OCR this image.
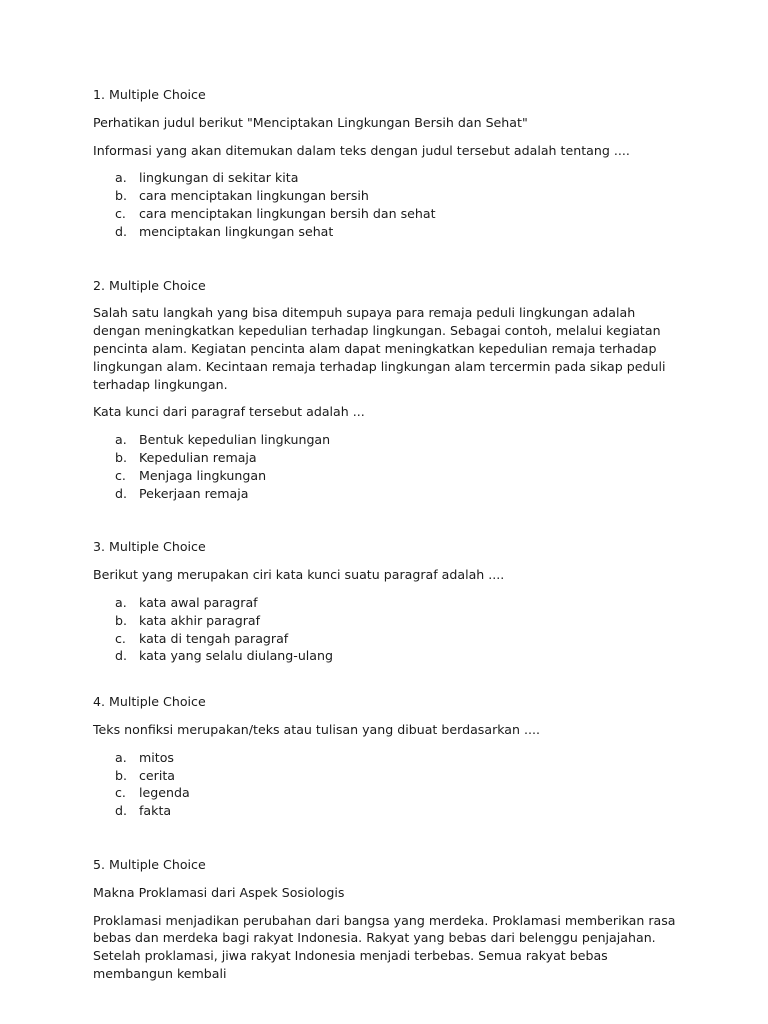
1. Multiple Choice

Perhatikan judul berikut "Menciptakan Lingkungan Bersih dan Sehat"

Informasi yang akan ditemukan dalam teks dengan judul tersebut adalah tentang ....

a. lingkungan di sekitar kita
b. cara menciptakan lingkungan bersih
c. cara menciptakan lingkungan bersih dan sehat
d. menciptakan lingkungan sehat

2. Multiple Choice

Salah satu langkah yang bisa ditempuh supaya para remaja peduli lingkungan adalah dengan meningkatkan kepedulian terhadap lingkungan. Sebagai contoh, melalui kegiatan pencinta alam. Kegiatan pencinta alam dapat meningkatkan kepedulian remaja terhadap lingkungan alam. Kecintaan remaja terhadap lingkungan alam tercermin pada sikap peduli terhadap lingkungan.

Kata kunci dari paragraf tersebut adalah ...

a. Bentuk kepedulian lingkungan
b. Kepedulian remaja
c. Menjaga lingkungan
d. Pekerjaan remaja

3. Multiple Choice

Berikut yang merupakan ciri kata kunci suatu paragraf adalah ....

a. kata awal paragraf
b. kata akhir paragraf
c. kata di tengah paragraf
d. kata yang selalu diulang-ulang

4. Multiple Choice

Teks nonfiksi merupakan/teks atau tulisan yang dibuat berdasarkan ....

a. mitos
b. cerita
c. legenda
d. fakta

5. Multiple Choice

Makna Proklamasi dari Aspek Sosiologis

Proklamasi menjadikan perubahan dari bangsa yang merdeka. Proklamasi memberikan rasa bebas dan merdeka bagi rakyat Indonesia. Rakyat yang bebas dari belenggu penjajahan. Setelah proklamasi, jiwa rakyat Indonesia menjadi terbebas. Semua rakyat bebas membangun kembali
